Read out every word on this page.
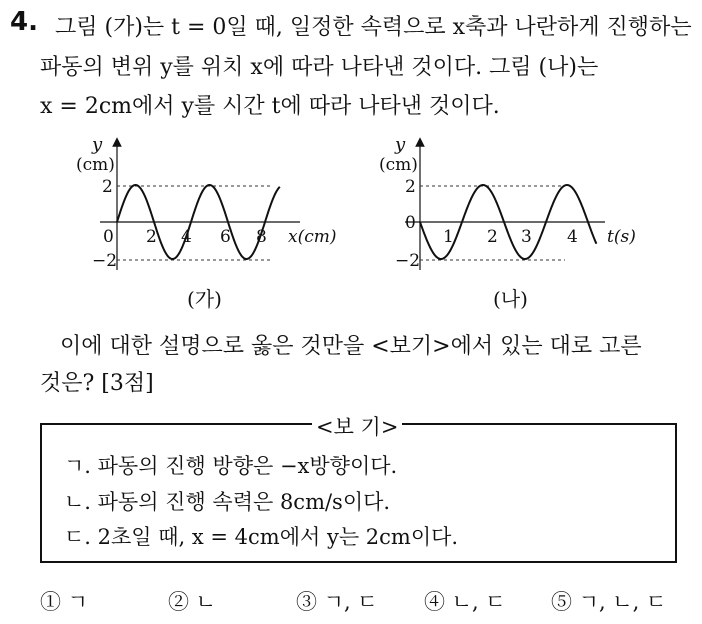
4. 그림 (가)는 t = 0일 때, 일정한 속력으로 x축과 나란하게 진행하는
파동의 변위 y를 위치 x에 따라 나타낸 것이다. 그림 (나)는
x = 2cm에서 y를 시간 t에 따라 나타낸 것이다.
y
(cm)
2
−2
0 2 4 6 8 x(cm)
(가)
y
(cm)
2
0
−2
1 2 3 4 t(s)
(나)
이에 대한 설명으로 옳은 것만을 <보기>에서 있는 대로 고른
것은? [3점]
<보 기>
ㄱ. 파동의 진행 방향은 −x방향이다.
ㄴ. 파동의 진행 속력은 8cm/s이다.
ㄷ. 2초일 때, x = 4cm에서 y는 2cm이다.
① ㄱ	② ㄴ	③ ㄱ, ㄷ ④ ㄴ, ㄷ ⑤ ㄱ, ㄴ, ㄷ
